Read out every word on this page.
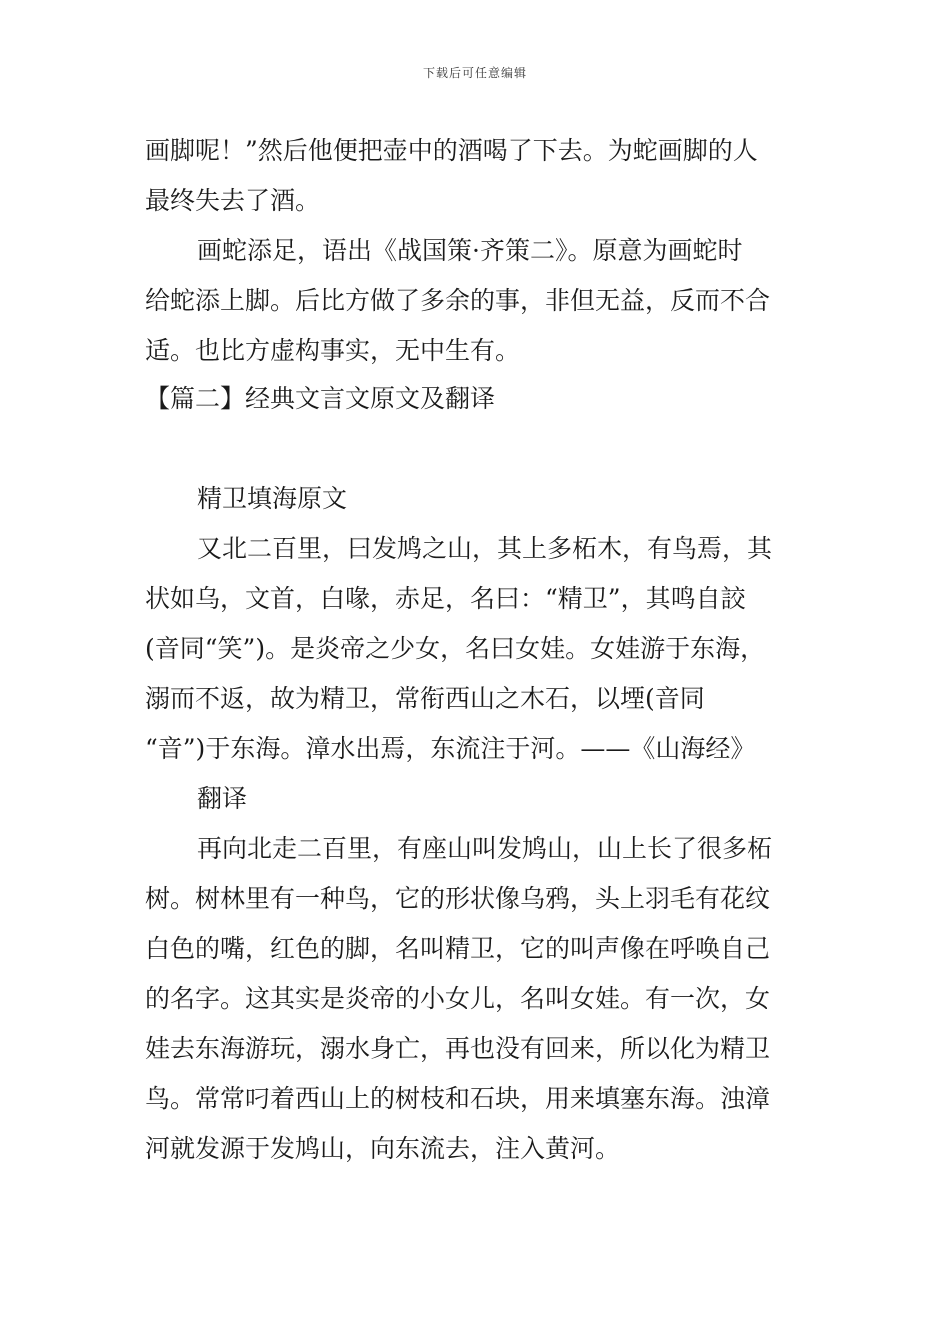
下载后可任意编辑
画脚呢！”然后他便把壶中的酒喝了下去。为蛇画脚的人
最终失去了酒。
画蛇添足，语出《战国策·齐策二》。原意为画蛇时
给蛇添上脚。后比方做了多余的事，非但无益，反而不合
适。也比方虚构事实，无中生有。
【篇二】经典文言文原文及翻译
精卫填海原文
又北二百里，曰发鸠之山，其上多柘木，有鸟焉，其
状如乌，文首，白喙，赤足，名曰：“精卫”，其鸣自詨
(音同“笑”)。是炎帝之少女，名曰女娃。女娃游于东海，
溺而不返，故为精卫，常衔西山之木石，以堙(音同
“音”)于东海。漳水出焉，东流注于河。——《山海经》
翻译
再向北走二百里，有座山叫发鸠山，山上长了很多柘
树。树林里有一种鸟，它的形状像乌鸦，头上羽毛有花纹
白色的嘴，红色的脚，名叫精卫，它的叫声像在呼唤自己
的名字。这其实是炎帝的小女儿，名叫女娃。有一次，女
娃去东海游玩，溺水身亡，再也没有回来，所以化为精卫
鸟。常常叼着西山上的树枝和石块，用来填塞东海。浊漳
河就发源于发鸠山，向东流去，注入黄河。
